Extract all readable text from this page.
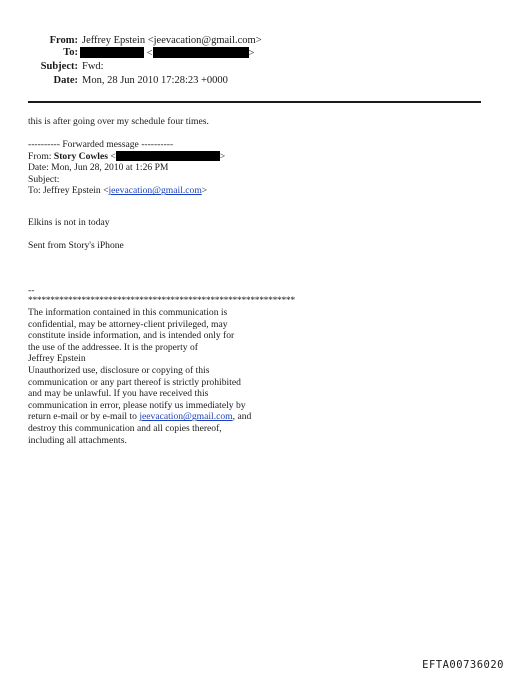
From: Jeffrey Epstein <jeevacation@gmail.com>
To:	<	>
Subject: Fwd:
Date: Mon, 28 Jun 2010 17:28:23 +0000
this is after going over my schedule four times.
---------- Forwarded message ----------
From: Story Cowles <	>
Date: Mon, Jun 28, 2010 at 1:26 PM
Subject:
To: Jeffrey Epstein <jeevacation@gmail.com>
Elkins is not in today
Sent from Story's iPhone
--
************************************************************
The information contained in this communication is
confidential, may be attorney-client privileged, may
constitute inside information, and is intended only for
the use of the addressee. It is the property of
Jeffrey Epstein
Unauthorized use, disclosure or copying of this
communication or any part thereof is strictly prohibited
and may be unlawful. If you have received this
communication in error, please notify us immediately by
return e-mail or by e-mail to jeevacation@gmail.com, and
destroy this communication and all copies thereof,
including all attachments.
EFTA00736020
